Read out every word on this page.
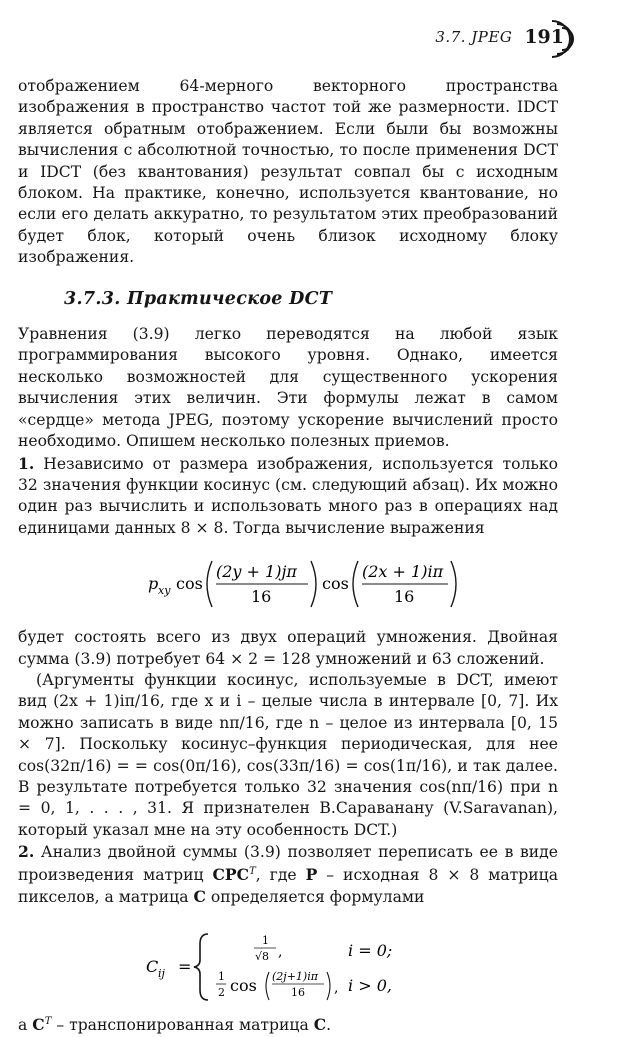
3.7. JPEG 191

отображением 64-мерного векторного пространства изображения в пространство частот той же размерности. IDCT является обратным отображением. Если были бы возможны вычисления с абсолютной точностью, то после применения DCT и IDCT (без квантования) результат совпал бы с исходным блоком. На практике, конечно, используется квантование, но если его делать аккуратно, то результатом этих преобразований будет блок, который очень близок исходному блоку изображения.

3.7.3. Практическое DCT

Уравнения (3.9) легко переводятся на любой язык программирования высокого уровня. Однако, имеется несколько возможностей для существенного ускорения вычисления этих величин. Эти формулы лежат в самом «сердце» метода JPEG, поэтому ускорение вычислений просто необходимо. Опишем несколько полезных приемов.

1. Независимо от размера изображения, используется только 32 значения функции косинус (см. следующий абзац). Их можно один раз вычислить и использовать много раз в операциях над единицами данных 8 × 8. Тогда вычисление выражения

p xy cos
(2y + 1)jπ
16
cos
(2x + 1)iπ
16

будет состоять всего из двух операций умножения. Двойная сумма (3.9) потребует 64 × 2 = 128 умножений и 63 сложений.

(Аргументы функции косинус, используемые в DCT, имеют вид (2x + 1)iπ/16, где x и i – целые числа в интервале [0, 7]. Их можно записать в виде nπ/16, где n – целое из интервала [0, 15 × 7]. Поскольку косинус–функция периодическая, для нее cos(32π/16) = = cos(0π/16), cos(33π/16) = cos(1π/16), и так далее. В результате потребуется только 32 значения cos(nπ/16) при n = 0, 1, . . . , 31. Я признателен В.Сараванану (V.Saravanan), который указал мне на эту особенность DCT.)

2. Анализ двойной суммы (3.9) позволяет переписать ее в виде произведения матриц $CPC^T$, где P – исходная 8 × 8 матрица пикселов, а матрица C определяется формулами

C ij =
1
√8 ,	i = 0;
1
2 cos (2j+1)iπ
16 , i > 0,

а $C^T$ – транспонированная матрица C.
